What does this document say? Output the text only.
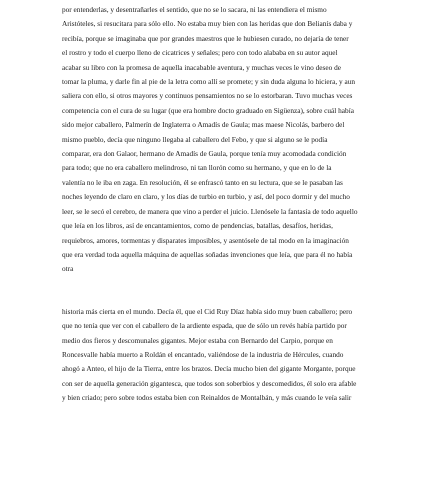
por entenderlas, y desentrañarles el sentido, que no se lo sacara, ni las entendiera el mismo
Aristóteles, si resucitara para sólo ello. No estaba muy bien con las heridas que don Belianís daba y
recibía, porque se imaginaba que por grandes maestros que le hubiesen curado, no dejaría de tener
el rostro y todo el cuerpo lleno de cicatrices y señales; pero con todo alababa en su autor aquel
acabar su libro con la promesa de aquella inacabable aventura, y muchas veces le vino deseo de
tomar la pluma, y darle fin al pie de la letra como allí se promete; y sin duda alguna lo hiciera, y aun
saliera con ello, si otros mayores y continuos pensamientos no se lo estorbaran. Tuvo muchas veces
competencia con el cura de su lugar (que era hombre docto graduado en Sigüenza), sobre cuál había
sido mejor caballero, Palmerín de Inglaterra o Amadís de Gaula; mas maese Nicolás, barbero del
mismo pueblo, decía que ninguno llegaba al caballero del Febo, y que si alguno se le podía
comparar, era don Galaor, hermano de Amadís de Gaula, porque tenía muy acomodada condición
para todo; que no era caballero melindroso, ni tan llorón como su hermano, y que en lo de la
valentía no le iba en zaga. En resolución, él se enfrascó tanto en su lectura, que se le pasaban las
noches leyendo de claro en claro, y los días de turbio en turbio, y así, del poco dormir y del mucho
leer, se le secó el cerebro, de manera que vino a perder el juicio. Llenósele la fantasía de todo aquello
que leía en los libros, así de encantamientos, como de pendencias, batallas, desafíos, heridas,
requiebros, amores, tormentas y disparates imposibles, y asentósele de tal modo en la imaginación
que era verdad toda aquella máquina de aquellas soñadas invenciones que leía, que para él no había
otra
historia más cierta en el mundo. Decía él, que el Cid Ruy Díaz había sido muy buen caballero; pero
que no tenía que ver con el caballero de la ardiente espada, que de sólo un revés había partido por
medio dos fieros y descomunales gigantes. Mejor estaba con Bernardo del Carpio, porque en
Roncesvalle había muerto a Roldán el encantado, valiéndose de la industria de Hércules, cuando
ahogó a Anteo, el hijo de la Tierra, entre los brazos. Decía mucho bien del gigante Morgante, porque
con ser de aquella generación gigantesca, que todos son soberbios y descomedidos, él solo era afable
y bien criado; pero sobre todos estaba bien con Reinaldos de Montalbán, y más cuando le veía salir
